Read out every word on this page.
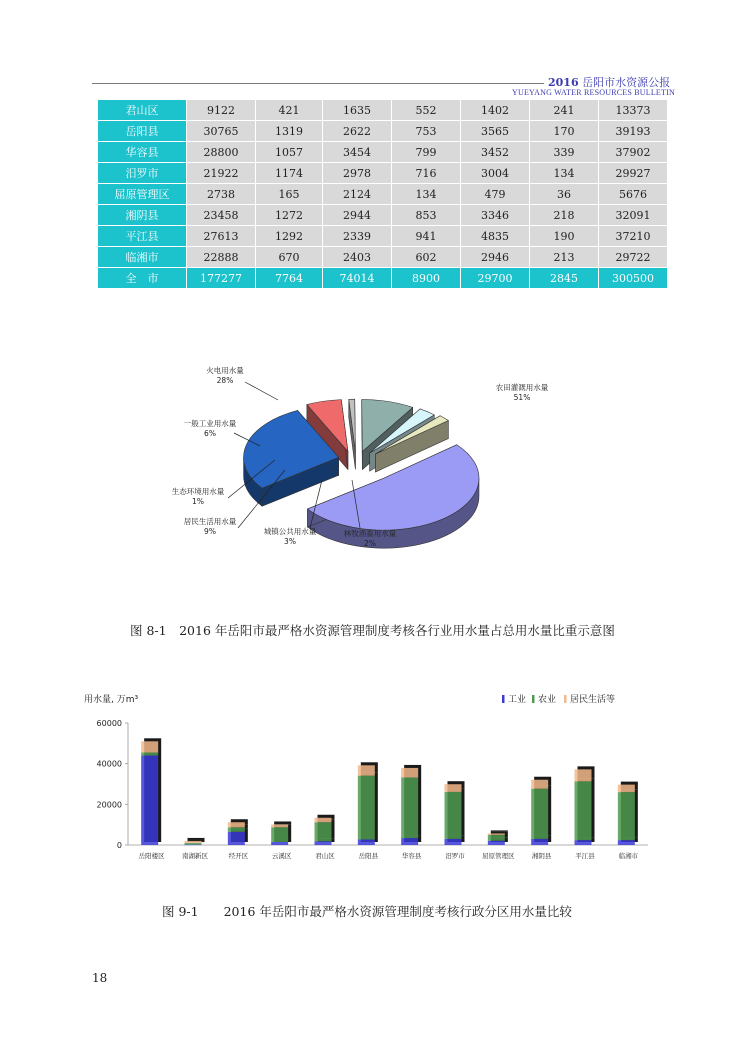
2016 岳阳市水资源公报
YUEYANG WATER RESOURCES BULLETIN
君山区	9122	421	1635	552	1402	241	13373
岳阳县	30765	1319	2622	753	3565	170	39193
华容县	28800	1057	3454	799	3452	339	37902
汨罗市	21922	1174	2978	716	3004	134	29927
屈原管理区	2738	165	2124	134	479	36	5676
湘阴县	23458	1272	2944	853	3346	218	32091
平江县	27613	1292	2339	941	4835	190	37210
临湘市	22888	670	2403	602	2946	213	29722
全　市	177277	7764	74014	8900	29700	2845	300500
农田灌溉用水量
51%
火电用水量
28%
一般工业用水量
6%
生态环境用水量
1%
居民生活用水量
9%	城镇公共用水量
3%
林牧渔畜用水量
2%
图 8-1　2016 年岳阳市最严格水资源管理制度考核各行业用水量占总用水量比重示意图
用水量, 万m³	工业 农业 居民生活等
0
20000
40000
60000
岳阳楼区	南湖新区	经开区	云溪区	君山区	岳阳县	华容县	汨罗市	屈原管理区	湘阴县	平江县	临湘市
图 9-1　　2016 年岳阳市最严格水资源管理制度考核行政分区用水量比较
18
